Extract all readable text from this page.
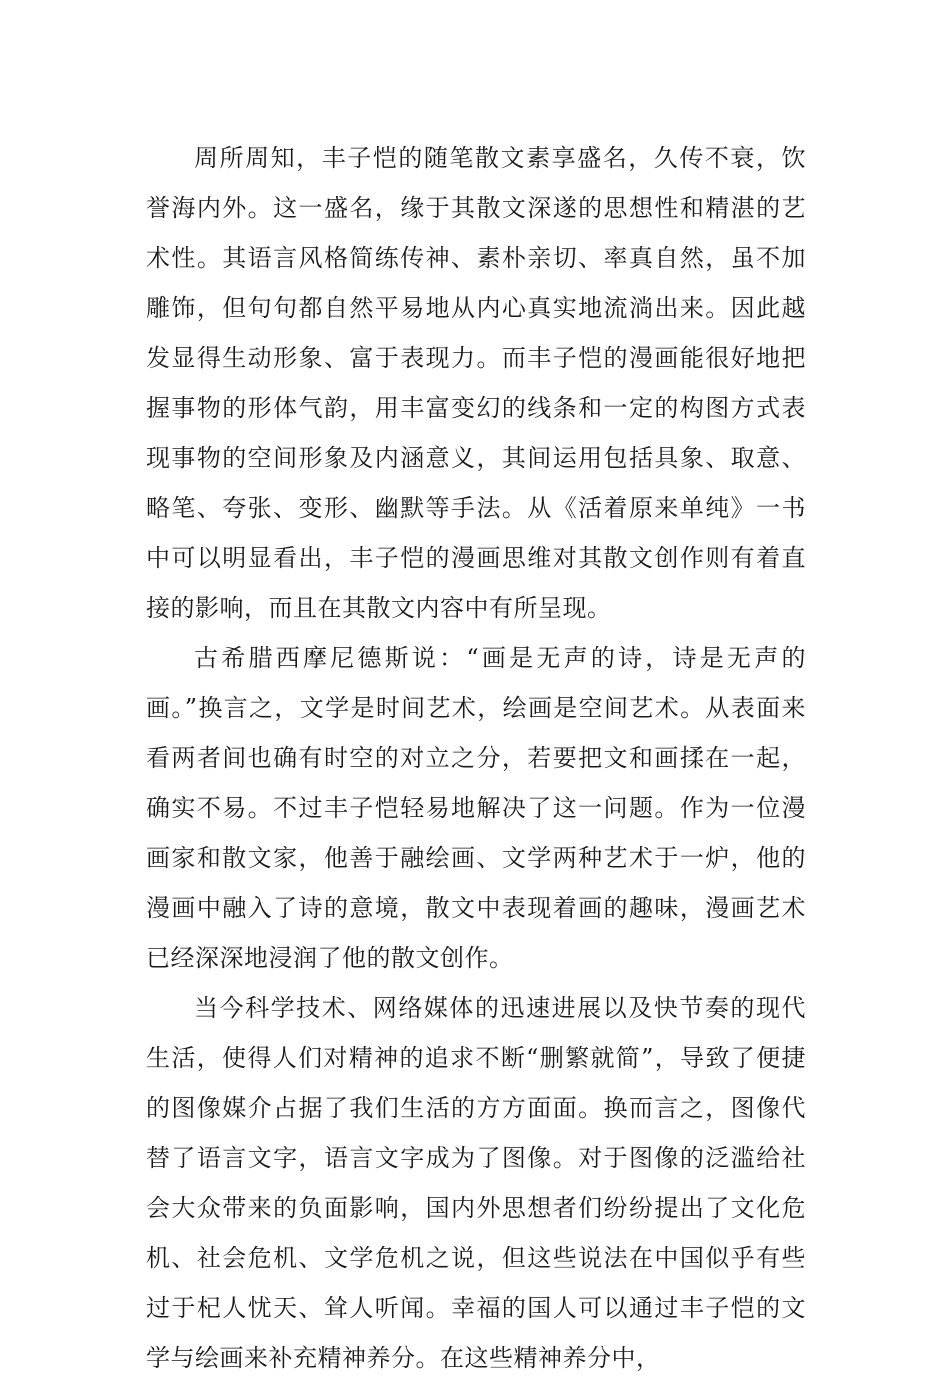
周所周知，丰子恺的随笔散文素享盛名，久传不衰，饮誉海内外。这一盛名，缘于其散文深遂的思想性和精湛的艺术性。其语言风格简练传神、素朴亲切、率真自然，虽不加雕饰，但句句都自然平易地从内心真实地流淌出来。因此越发显得生动形象、富于表现力。而丰子恺的漫画能很好地把握事物的形体气韵，用丰富变幻的线条和一定的构图方式表现事物的空间形象及内涵意义，其间运用包括具象、取意、略笔、夸张、变形、幽默等手法。从《活着原来单纯》一书中可以明显看出，丰子恺的漫画思维对其散文创作则有着直接的影响，而且在其散文内容中有所呈现。

古希腊西摩尼德斯说：“画是无声的诗，诗是无声的画。”换言之，文学是时间艺术，绘画是空间艺术。从表面来看两者间也确有时空的对立之分，若要把文和画揉在一起，确实不易。不过丰子恺轻易地解决了这一问题。作为一位漫画家和散文家，他善于融绘画、文学两种艺术于一炉，他的漫画中融入了诗的意境，散文中表现着画的趣味，漫画艺术已经深深地浸润了他的散文创作。

当今科学技术、网络媒体的迅速进展以及快节奏的现代生活，使得人们对精神的追求不断“删繁就简”，导致了便捷的图像媒介占据了我们生活的方方面面。换而言之，图像代替了语言文字，语言文字成为了图像。对于图像的泛滥给社会大众带来的负面影响，国内外思想者们纷纷提出了文化危机、社会危机、文学危机之说，但这些说法在中国似乎有些过于杞人忧天、耸人听闻。幸福的国人可以通过丰子恺的文学与绘画来补充精神养分。在这些精神养分中，
